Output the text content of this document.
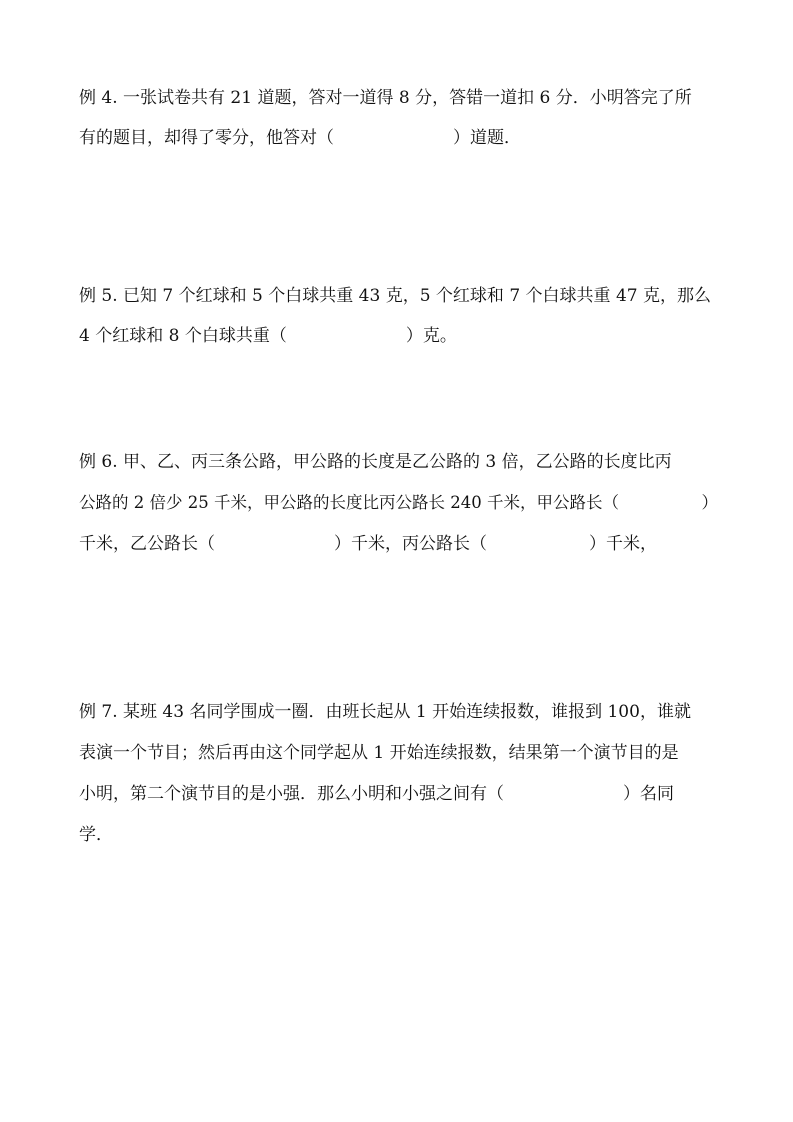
例 4. 一张试卷共有 21 道题，答对一道得 8 分，答错一道扣 6 分．小明答完了所
有的题目，却得了零分，他答对（　　　　　　　）道题．
例 5. 已知 7 个红球和 5 个白球共重 43 克，5 个红球和 7 个白球共重 47 克，那么
4 个红球和 8 个白球共重（　　　　　　　）克。
例 6. 甲、乙、丙三条公路，甲公路的长度是乙公路的 3 倍，乙公路的长度比丙
公路的 2 倍少 25 千米，甲公路的长度比丙公路长 240 千米，甲公路长（　　　　　）
千米，乙公路长（　　　　　　　）千米，丙公路长（　　　　　　）千米，
例 7. 某班 43 名同学围成一圈．由班长起从 1 开始连续报数，谁报到 100，谁就
表演一个节目；然后再由这个同学起从 1 开始连续报数，结果第一个演节目的是
小明，第二个演节目的是小强．那么小明和小强之间有（　　　　　　　）名同
学．
